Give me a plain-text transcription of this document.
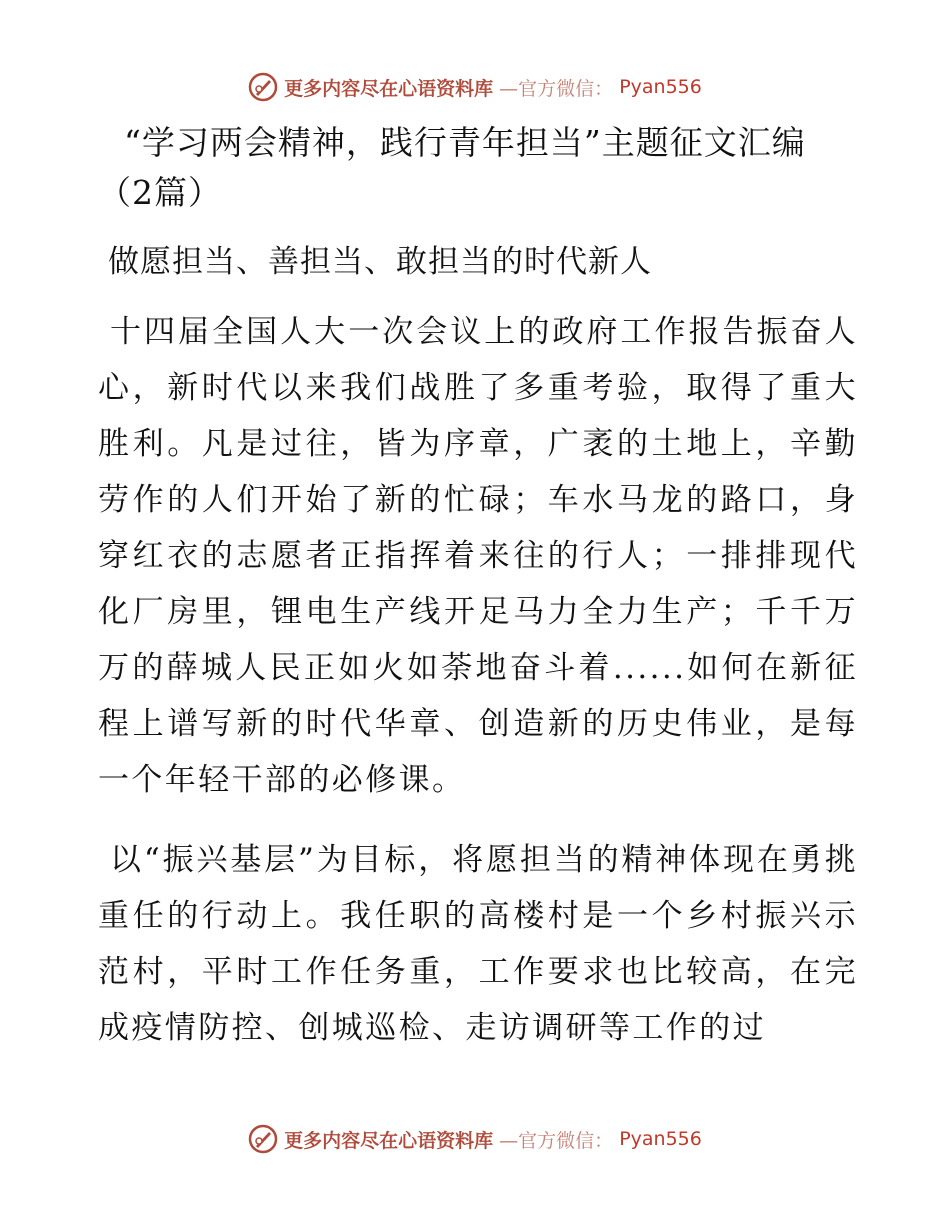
更多内容尽在心语资料库 —官方微信： Pyan556
“学习两会精神，践行青年担当”主题征文汇编
（2篇）

做愿担当、善担当、敢担当的时代新人

十四届全国人大一次会议上的政府工作报告振奋人心，新时代以来我们战胜了多重考验，取得了重大胜利。凡是过往，皆为序章，广袤的土地上，辛勤劳作的人们开始了新的忙碌；车水马龙的路口，身穿红衣的志愿者正指挥着来往的行人；一排排现代化厂房里，锂电生产线开足马力全力生产；千千万万的薛城人民正如火如荼地奋斗着......如何在新征程上谱写新的时代华章、创造新的历史伟业，是每一个年轻干部的必修课。

以“振兴基层”为目标，将愿担当的精神体现在勇挑重任的行动上。我任职的高楼村是一个乡村振兴示范村，平时工作任务重，工作要求也比较高，在完成疫情防控、创城巡检、走访调研等工作的过

更多内容尽在心语资料库 —官方微信： Pyan556
